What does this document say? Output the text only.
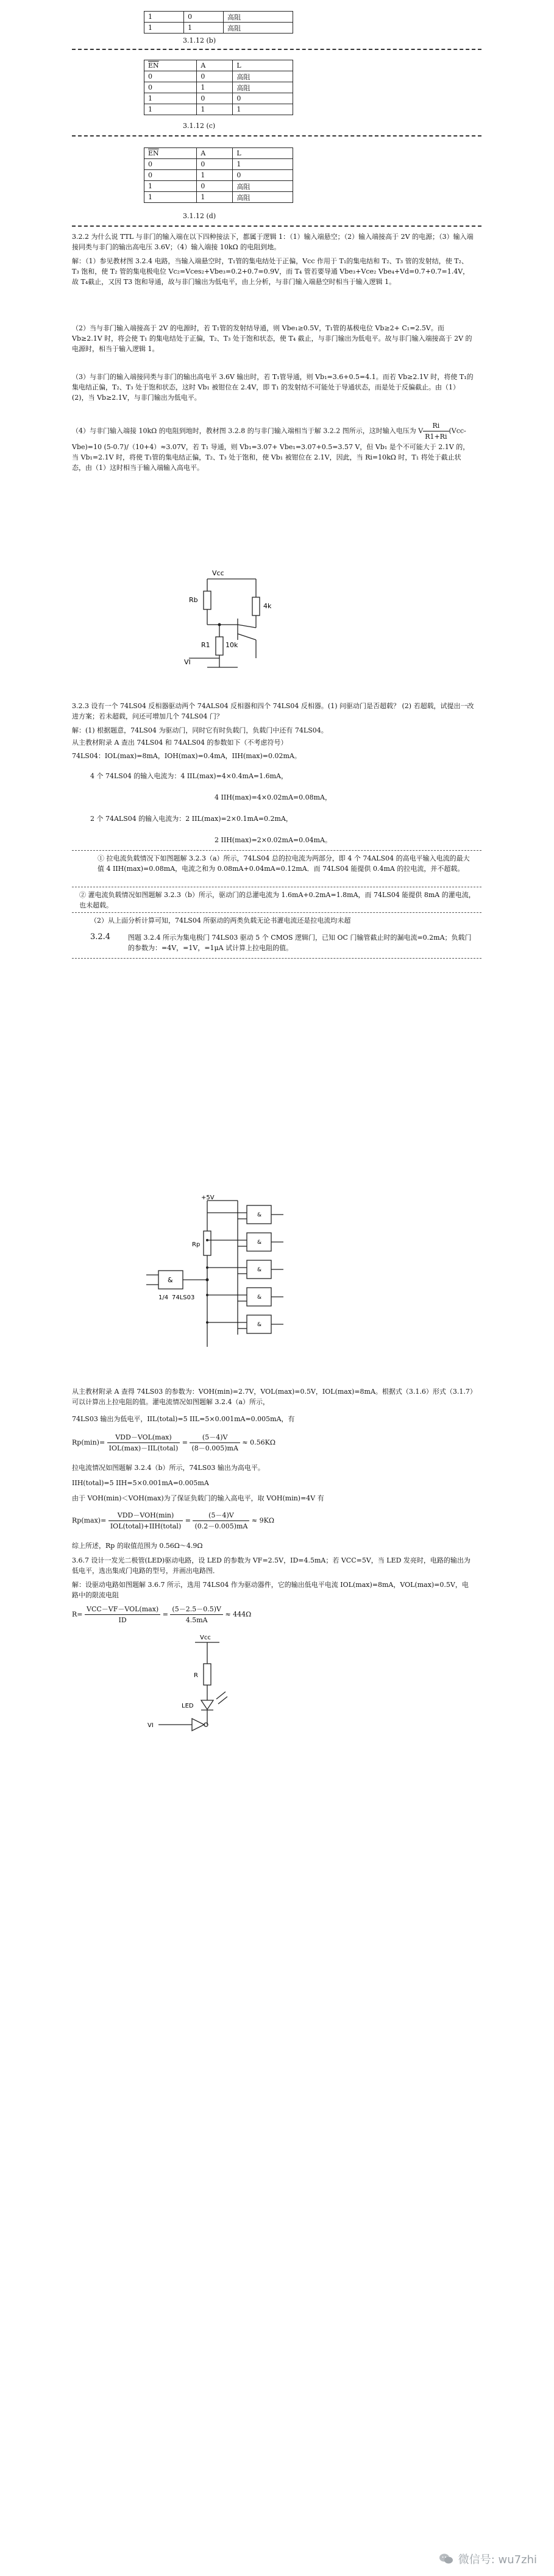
1	0	高阻
1	1	高阻
3.1.12 (b)
$\overline{EN}$	A	L
0	0	高阻
0	1	高阻
1	0	0
1	1	1
3.1.12 (c)
$\overline{EN}$	A	L
0	0	1
0	1	0
1	0	高阻
1	1	高阻
3.1.12 (d)
3.2.2 为什么说 TTL 与非门的输入端在以下四种接法下，都属于逻辑 1：（1）输入端悬空；（2）输入端接高于 2V 的电源；（3）输入端接同类与非门的输出高电压 3.6V；（4）输入端接 10kΩ 的电阻到地。
解：（1）参见教材图 3.2.4 电路，当输入端悬空时，T₁管的集电结处于正偏，Vcc 作用于 T₁的集电结和 T₂、T₃ 管的发射结，使 T₂、T₃ 饱和，使 T₂ 管的集电极电位 Vc₂=Vces₂+Vbe₃=0.2+0.7=0.9V，而 T₄ 管若要导通 Vbe₃+Vce₂ Vbe₄+Vd=0.7+0.7=1.4V，故 T₄截止，又因 T3 饱和导通，故与非门输出为低电平，由上分析，与非门输入端悬空时相当于输入逻辑 1。
（2）当与非门输入端接高于 2V 的电源时，若 T₁管的发射结导通，则 Vbe₁≥0.5V，T₁管的基极电位 Vb≥2+ C₁=2.5V。而 Vb≥2.1V 时，将会使 T₁ 的集电结处于正偏，T₂、T₃ 处于饱和状态，使 T₄ 截止，与非门输出为低电平。故与非门输入端接高于 2V 的电源时，相当于输入逻辑 1。
（3）与非门的输入端接同类与非门的输出高电平 3.6V 输出时，若 T₁管导通，则 Vb₁=3.6+0.5=4.1。而若 Vb≥2.1V 时，将使 T₁的集电结正偏，T₂、T₃ 处于饱和状态，这时 Vb₁ 被钳位在 2.4V，即 T₁ 的发射结不可能处于导通状态，而是处于反偏截止。由（1）(2)，当 Vb≥2.1V，与非门输出为低电平。
（4）与非门输入端接 10kΩ 的电阻到地时，教材图 3.2.8 的与非门输入端相当于解 3.2.2 图所示，这时输入电压为 V $\frac{Ri}{R1+Ri} (Vcc-Vbe)=10$ (5-0.7)/（10+4）≈3.07V，若 T₁ 导通，则 Vb₁=3.07+ Vbe₁=3.07+0.5=3.57 V，但 Vb₁ 是个不可能大于 2.1V 的，当 Vb₁=2.1V 时，将使 T₁管的集电结正偏，T₂、T₃ 处于饱和，使 Vb₁ 被钳位在 2.1V，因此，当 Ri=10kΩ 时，T₁ 将处于截止状态，由（1）这时相当于输入端输入高电平。
Vcc
Rb
4k
R1 10k
VI
3.2.3 设有一个 74LS04 反相器驱动两个 74ALS04 反相器和四个 74LS04 反相器。(1) 问驱动门是否超载？ (2) 若超载，试提出一改进方案；若未超载，问还可增加几个 74LS04 门？
解：(1) 根据题意，74LS04 为驱动门，同时它有时负载门，负载门中还有 74LS04。
从主教材附录 A 查出 74LS04 和 74ALS04 的参数如下（不考虑符号）
74LS04：IOL(max)=8mA，IOH(max)=0.4mA，IIH(max)=0.02mA。
4 个 74LS04 的输入电流为：4 IIL(max)=4×0.4mA=1.6mA，
4 IIH(max)=4×0.02mA=0.08mA，
2 个 74ALS04 的输入电流为：2 IIL(max)=2×0.1mA=0.2mA，
2 IIH(max)=2×0.02mA=0.04mA。
① 拉电流负载情况下如图题解 3.2.3（a）所示，74LS04 总的拉电流为两部分，即 4 个 74ALS04 的高电平输入电流的最大值 4 IIH(max)=0.08mA，电流之和为 0.08mA+0.04mA=0.12mA．而 74LS04 能提供 0.4mA 的拉电流，并不超载。
② 灌电流负载情况如图题解 3.2.3（b）所示，驱动门的总灌电流为 1.6mA+0.2mA=1.8mA，而 74LS04 能提供 8mA 的灌电流，也未超载。
（2）从上面分析计算可知，74LS04 所驱动的两类负载无论书灌电流还是拉电流均未超
3.2.4	图题 3.2.4 所示为集电极门 74LS03 驱动 5 个 CMOS 逻辑门，已知 OC 门输管截止时的漏电流=0.2mA；负载门的参数为：=4V，=1V，=1μA 试计算上拉电阻的值。
+5V
Rp
&
1/4 74LS03
&
&
&
&
&
从主教材附录 A 查得 74LS03 的参数为：VOH(min)=2.7V，VOL(max)=0.5V，IOL(max)=8mA。根据式（3.1.6）形式（3.1.7）可以计算出上拉电阻的值。灌电流情况如图题解 3.2.4（a）所示，
74LS03 输出为低电平，IIL(total)=5 IIL=5×0.001mA=0.005mA，有
$Rp(\min)= \frac{\text{VDD－VOL(max)}}{\text{IOL(max)－IIL(total)}} = \frac{(5-4)V}{(8-0.005)mA} \approx 0.56K\Omega$
拉电流情况如图题解 3.2.4（b）所示，74LS03 输出为高电平。
IIH(total)=5 IIH=5×0.001mA=0.005mA
由于 VOH(min)＜VOH(max)为了保证负载门的输入高电平，取 VOH(min)=4V 有
$Rp(\max)= \frac{\text{VDD－VOH(min)}}{\text{IOL(total)+IIH(total)}} = \frac{(5-4)V}{(0.2-0.005)mA} \approx 9K\Omega$
综上所述，Rp 的取值范围为 0.56Ω～4.9Ω
3.6.7 设计一发光二极管(LED)驱动电路，设 LED 的参数为 VF=2.5V，ID=4.5mA；若 VCC=5V，当 LED 发亮时，电路的输出为低电平，选出集成门电路的型号，并画出电路图．
解：设驱动电路如图题解 3.6.7 所示，选用 74LS04 作为驱动器件，它的输出低电平电流 IOL(max)=8mA，VOL(max)=0.5V，电路中的限流电阻
$R= \frac{\text{VCC－VF－VOL(max)}}{ID} = \frac{(5-2.5-0.5)V}{4.5mA} \approx 444\Omega$
Vcc
R
LED
VI
微信号: wu7zhi
